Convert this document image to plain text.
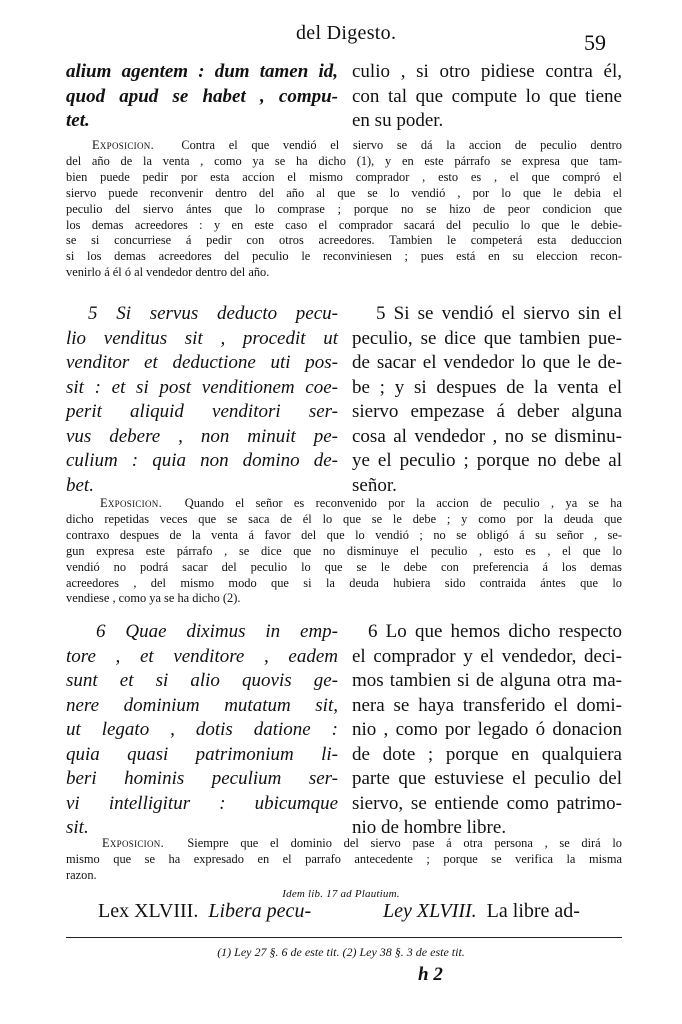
del Digesto.	59
alium agentem : dum tamen id,
quod apud se habet , compu-
tet.
culio , si otro pidiese contra él,
con tal que compute lo que tiene
en su poder.
Exposicion. Contra el que vendió el siervo se dá la accion de peculio dentro
del año de la venta , como ya se ha dicho (1), y en este párrafo se expresa que tam-
bien puede pedir por esta accion el mismo comprador , esto es , el que compró el
siervo puede reconvenir dentro del año al que se lo vendió , por lo que le debia el
peculio del siervo ántes que lo comprase ; porque no se hizo de peor condicion que
los demas acreedores : y en este caso el comprador sacará del peculio lo que le debie-
se si concurriese á pedir con otros acreedores. Tambien le competerá esta deduccion
si los demas acreedores del peculio le reconviniesen ; pues está en su eleccion recon-
venirlo á él ó al vendedor dentro del año.
5 Si servus deducto pecu-
lio venditus sit , procedit ut
venditor et deductione uti pos-
sit : et si post venditionem coe-
perit aliquid venditori ser-
vus debere , non minuit pe-
culium : quia non domino de-
bet.
5 Si se vendió el siervo sin el
peculio, se dice que tambien pue-
de sacar el vendedor lo que le de-
be ; y si despues de la venta el
siervo empezase á deber alguna
cosa al vendedor , no se disminu-
ye el peculio ; porque no debe al
señor.
Exposicion. Quando el señor es reconvenido por la accion de peculio , ya se ha
dicho repetidas veces que se saca de él lo que se le debe ; y como por la deuda que
contraxo despues de la venta á favor del que lo vendió ; no se obligó á su señor , se-
gun expresa este párrafo , se dice que no disminuye el peculio , esto es , el que lo
vendió no podrá sacar del peculio lo que se le debe con preferencia á los demas
acreedores , del mismo modo que si la deuda hubiera sido contraida ántes que lo
vendiese , como ya se ha dicho (2).
6 Quae diximus in emp-
tore , et venditore , eadem
sunt et si alio quovis ge-
nere dominium mutatum sit,
ut legato , dotis datione :
quia quasi patrimonium li-
beri hominis peculium ser-
vi intelligitur : ubicumque
sit.
6 Lo que hemos dicho respecto
el comprador y el vendedor, deci-
mos tambien si de alguna otra ma-
nera se haya transferido el domi-
nio , como por legado ó donacion
de dote ; porque en qualquiera
parte que estuviese el peculio del
siervo, se entiende como patrimo-
nio de hombre libre.
Exposicion. Siempre que el dominio del siervo pase á otra persona , se dirá lo
mismo que se ha expresado en el parrafo antecedente ; porque se verifica la misma
razon.
Idem lib. 17 ad Plautium.
Lex XLVIII. Libera pecu-	Ley XLVIII. La libre ad-
(1) Ley 27 §. 6 de este tit. (2) Ley 38 §. 3 de este tit.
h 2
